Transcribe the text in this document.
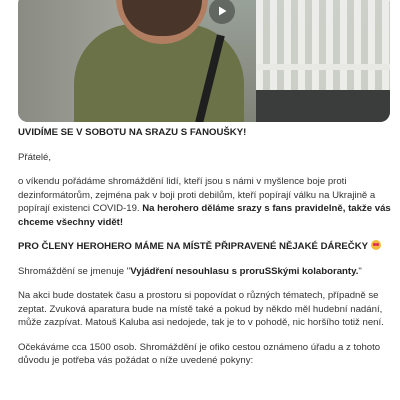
UVIDÍME SE V SOBOTU NA SRAZU S FANOUŠKY!

Přátelé,

o víkendu pořádáme shromáždění lidí, kteří jsou s námi v myšlence boje proti dezinformátorům, zejména pak v boji proti debilům, kteří popírají válku na Ukrajině a popírají existenci COVID-19. Na herohero děláme srazy s fans pravidelně, takže vás chceme všechny vidět!

PRO ČLENY HEROHERO MÁME NA MÍSTĚ PŘIPRAVENÉ NĚJAKÉ DÁREČKY

Shromáždění se jmenuje "Vyjádření nesouhlasu s proruSSkými kolaboranty."

Na akci bude dostatek času a prostoru si popovídat o různých tématech, případně se zeptat. Zvuková aparatura bude na místě také a pokud by někdo měl hudební nadání, může zazpívat. Matouš Kaluba asi nedojede, tak je to v pohodě, nic horšího totiž není.

Očekáváme cca 1500 osob. Shromáždění je ofiko cestou oznámeno úřadu a z tohoto důvodu je potřeba vás požádat o níže uvedené pokyny:
